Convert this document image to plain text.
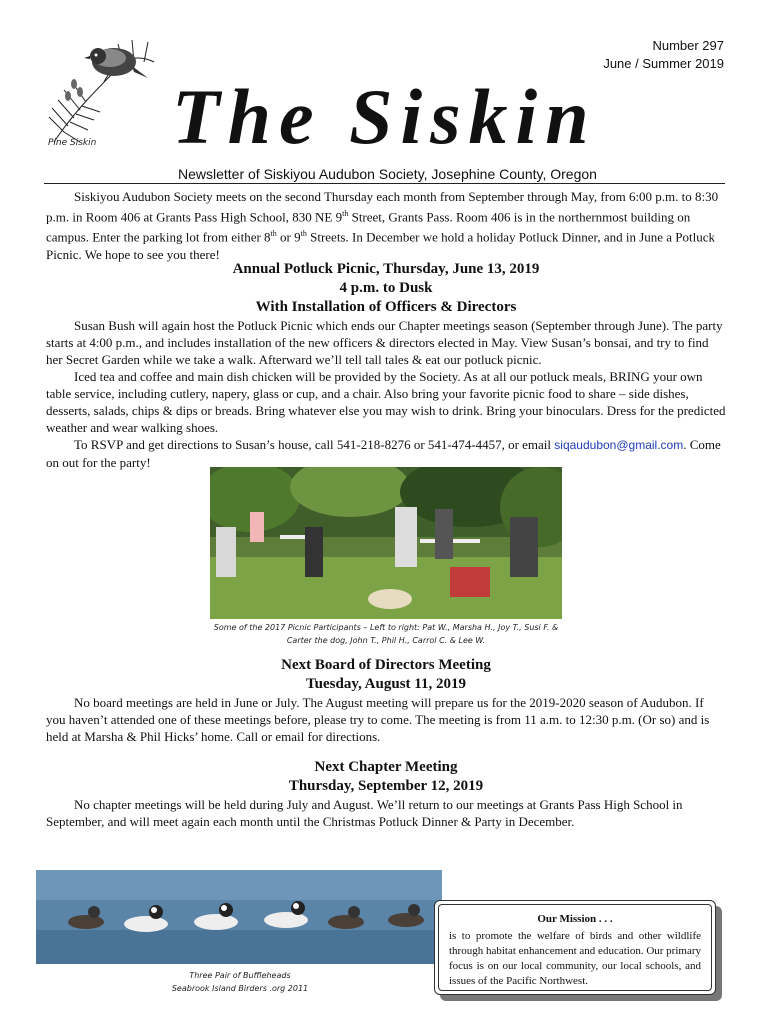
Pine Siskin
Number 297
June / Summer 2019
The Siskin
Newsletter of Siskiyou Audubon Society, Josephine County, Oregon

Siskiyou Audubon Society meets on the second Thursday each month from September through May, from 6:00 p.m. to 8:30 p.m. in Room 406 at Grants Pass High School, 830 NE 9th Street, Grants Pass. Room 406 is in the northernmost building on campus. Enter the parking lot from either 8th or 9th Streets. In December we hold a holiday Potluck Dinner, and in June a Potluck Picnic. We hope to see you there!

Annual Potluck Picnic, Thursday, June 13, 2019

4 p.m. to Dusk

With Installation of Officers & Directors

Susan Bush will again host the Potluck Picnic which ends our Chapter meetings season (September through June). The party starts at 4:00 p.m., and includes installation of the new officers & directors elected in May. View Susan’s bonsai, and try to find her Secret Garden while we take a walk. Afterward we’ll tell tall tales & eat our potluck picnic.

Iced tea and coffee and main dish chicken will be provided by the Society. As at all our potluck meals, BRING your own table service, including cutlery, napery, glass or cup, and a chair. Also bring your favorite picnic food to share – side dishes, desserts, salads, chips & dips or breads. Bring whatever else you may wish to drink. Bring your binoculars. Dress for the predicted weather and wear walking shoes.

To RSVP and get directions to Susan’s house, call 541-218-8276 or 541-474-4457, or email siqaudubon@gmail.com. Come on out for the party!

Some of the 2017 Picnic Participants – Left to right: Pat W., Marsha H., Joy T., Susi F. &
Carter the dog, John T., Phil H., Carrol C. & Lee W.

Next Board of Directors Meeting

Tuesday, August 11, 2019

No board meetings are held in June or July. The August meeting will prepare us for the 2019-2020 season of Audubon. If you haven’t attended one of these meetings before, please try to come. The meeting is from 11 a.m. to 12:30 p.m. (Or so) and is held at Marsha & Phil Hicks’ home. Call or email for directions.

Next Chapter Meeting

Thursday, September 12, 2019

No chapter meetings will be held during July and August. We’ll return to our meetings at Grants Pass High School in September, and will meet again each month until the Christmas Potluck Dinner & Party in December.

Three Pair of Buffleheads
Seabrook Island Birders .org 2011
Our Mission . . .
is to promote the welfare of birds and other wildlife through habitat enhancement and education. Our primary focus is on our local community, our local schools, and issues of the Pacific Northwest.
